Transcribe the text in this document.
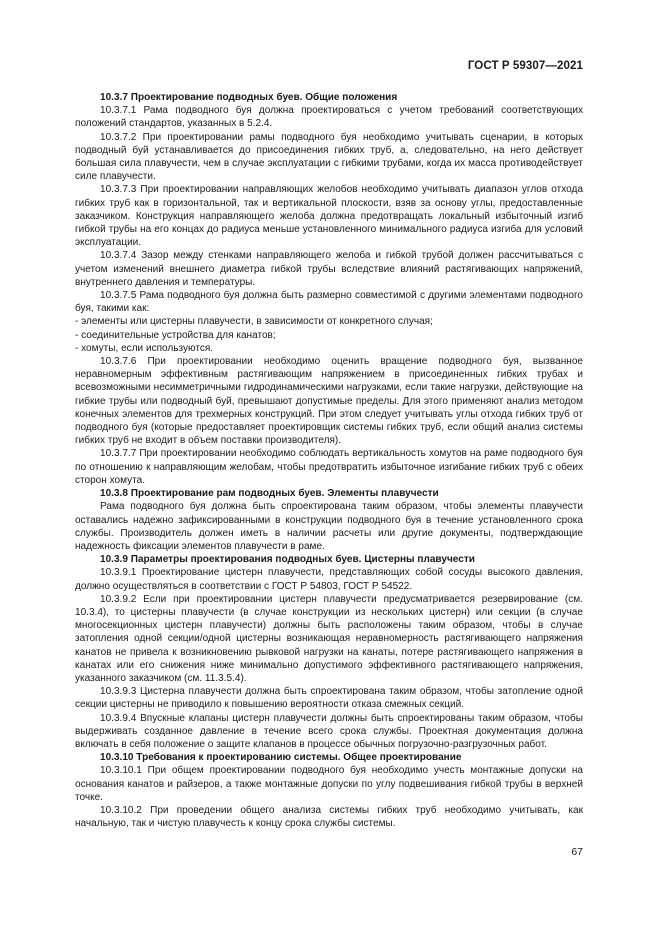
ГОСТ Р 59307—2021

10.3.7 Проектирование подводных буев. Общие положения

10.3.7.1 Рама подводного буя должна проектироваться с учетом требований соответствующих положений стандартов, указанных в 5.2.4.

10.3.7.2 При проектировании рамы подводного буя необходимо учитывать сценарии, в которых подводный буй устанавливается до присоединения гибких труб, а, следовательно, на него действует большая сила плавучести, чем в случае эксплуатации с гибкими трубами, когда их масса противодействует силе плавучести.

10.3.7.3 При проектировании направляющих желобов необходимо учитывать диапазон углов отхода гибких труб как в горизонтальной, так и вертикальной плоскости, взяв за основу углы, предоставленные заказчиком. Конструкция направляющего желоба должна предотвращать локальный избыточный изгиб гибкой трубы на его концах до радиуса меньше установленного минимального радиуса изгиба для условий эксплуатации.

10.3.7.4 Зазор между стенками направляющего желоба и гибкой трубой должен рассчитываться с учетом изменений внешнего диаметра гибкой трубы вследствие влияний растягивающих напряжений, внутреннего давления и температуры.

10.3.7.5 Рама подводного буя должна быть размерно совместимой с другими элементами подводного буя, такими как:

- элементы или цистерны плавучести, в зависимости от конкретного случая;

- соединительные устройства для канатов;

- хомуты, если используются.

10.3.7.6 При проектировании необходимо оценить вращение подводного буя, вызванное неравномерным эффективным растягивающим напряжением в присоединенных гибких трубах и всевозможными несимметричными гидродинамическими нагрузками, если такие нагрузки, действующие на гибкие трубы или подводный буй, превышают допустимые пределы. Для этого применяют анализ методом конечных элементов для трехмерных конструкций. При этом следует учитывать углы отхода гибких труб от подводного буя (которые предоставляет проектировщик системы гибких труб, если общий анализ системы гибких труб не входит в объем поставки производителя).

10.3.7.7 При проектировании необходимо соблюдать вертикальность хомутов на раме подводного буя по отношению к направляющим желобам, чтобы предотвратить избыточное изгибание гибких труб с обеих сторон хомута.

10.3.8 Проектирование рам подводных буев. Элементы плавучести

Рама подводного буя должна быть спроектирована таким образом, чтобы элементы плавучести оставались надежно зафиксированными в конструкции подводного буя в течение установленного срока службы. Производитель должен иметь в наличии расчеты или другие документы, подтверждающие надежность фиксации элементов плавучести в раме.

10.3.9 Параметры проектирования подводных буев. Цистерны плавучести

10.3.9.1 Проектирование цистерн плавучести, представляющих собой сосуды высокого давления, должно осуществляться в соответствии с ГОСТ Р 54803, ГОСТ Р 54522.

10.3.9.2 Если при проектировании цистерн плавучести предусматривается резервирование (см. 10.3.4), то цистерны плавучести (в случае конструкции из нескольких цистерн) или секции (в случае многосекционных цистерн плавучести) должны быть расположены таким образом, чтобы в случае затопления одной секции/одной цистерны возникающая неравномерность растягивающего напряжения канатов не привела к возникновению рывковой нагрузки на канаты, потере растягивающего напряжения в канатах или его снижения ниже минимально допустимого эффективного растягивающего напряжения, указанного заказчиком (см. 11.3.5.4).

10.3.9.3 Цистерна плавучести должна быть спроектирована таким образом, чтобы затопление одной секции цистерны не приводило к повышению вероятности отказа смежных секций.

10.3.9.4 Впускные клапаны цистерн плавучести должны быть спроектированы таким образом, чтобы выдерживать созданное давление в течение всего срока службы. Проектная документация должна включать в себя положение о защите клапанов в процессе обычных погрузочно-разгрузочных работ.

10.3.10 Требования к проектированию системы. Общее проектирование

10.3.10.1 При общем проектировании подводного буя необходимо учесть монтажные допуски на основания канатов и райзеров, а также монтажные допуски по углу подвешивания гибкой трубы в верхней точке.

10.3.10.2 При проведении общего анализа системы гибких труб необходимо учитывать, как начальную, так и чистую плавучесть к концу срока службы системы.

67
